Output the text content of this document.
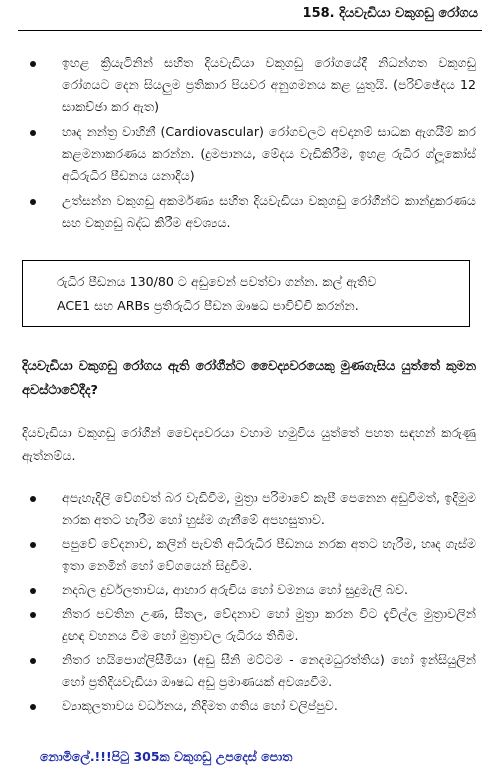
158. දියවැඩියා වකුගඩු රෝගය
ඉහළ ක්‍රියැටිනින් සහිත දියවැඩියා වකුගඩු රෝගයේදී නිධන්ගත වකුගඩු රෝගයට දෙන සියලුම ප්‍රතිකාර පියවර අනුගමනය කළ යුතුයි. (පරිච්ඡේදය 12 සාකච්ඡා කර ඇත)
හෘද නන්ත්‍ර වාහිනී (Cardiovascular) රෝගවලට අවදානම් සාධක ඇගයීම් කර කළමනාකරණය කරන්න. (දුමපානය, මේදය වැඩිකිරීම, ඉහළ රුධිර ග්ලූකෝස් අධිරුධිර පීඩනය යනාදිය)
උත්සන්න වකුගඩු අකර්මණ්‍ය සහිත දියවැඩියා වකුගඩු රෝගීන්ට කාන්දුකරණය සහ වකුගඩු බද්ධ කිරීම අවශ්‍යය.
රුධිර පීඩනය 130/80 ට අඩුවෙන් පවත්වා ගන්න. කල් ඇතිව
ACE1 සහ ARBs ප්‍රතිරුධිර පීඩන ඖෂධ පාවිච්චි කරන්න.
දියවැඩියා වකුගඩු රෝගය ඇති රෝගීන්ට වෛද්‍යවරයෙකු මුණගැසිය යුත්තේ කුමන අවස්ථාවේදීද?
දියවැඩියා වකුගඩු රෝගීන් වෛද්‍යවරයා වහාම හමුවිය යුත්තේ පහත සඳහන් කරුණු ඇත්නම්ය.
අපැහැදිලි වේගවත් බර වැඩිවීම, මුත්‍රා පරිමාවේ කැපී පෙනෙන අඩුවීමත්, ඉදිමුම නරක අතට හැරීම හෝ හුස්ම ගැනීමේ අපහසුතාව.
පපුවේ වේදනාව, කලින් පැවති අධිරුධිර පීඩනය නරක අතට හැරීම, හෘද ගැස්ම ඉතා නෙමින් හෝ වේගයෙන් සිදුවීම.
නදබල දුර්වලතාවය, ආහාර අරුචිය හෝ වමනය හෝ සුදුමැලි බව.
නිතර පවතින උණ, සීතල, වේදනාව හෝ මුත්‍රා කරන විට දැවිල්ල මුත්‍රාවලින් දුඟඳ වහනය වීම හෝ මුත්‍රාවල රුධිරය තිබීම.
නිතර හයිපොග්ලිසීමියා (අඩු සීනි මට්ටම - නෙදමධුරත්තිය) හෝ ඉන්සියුලින් හෝ ප්‍රතිදියවැඩියා ඖෂධ අඩු ප්‍රමාණයක් අවශ්‍යවීම.
ව්‍යාකූලතාවය වර්ධනය, නිදිමත ගතිය හෝ වලිප්පුව.
නොමිලේ.!!!පිටු 305ක වකුගඩු උපදෙස් පොත
